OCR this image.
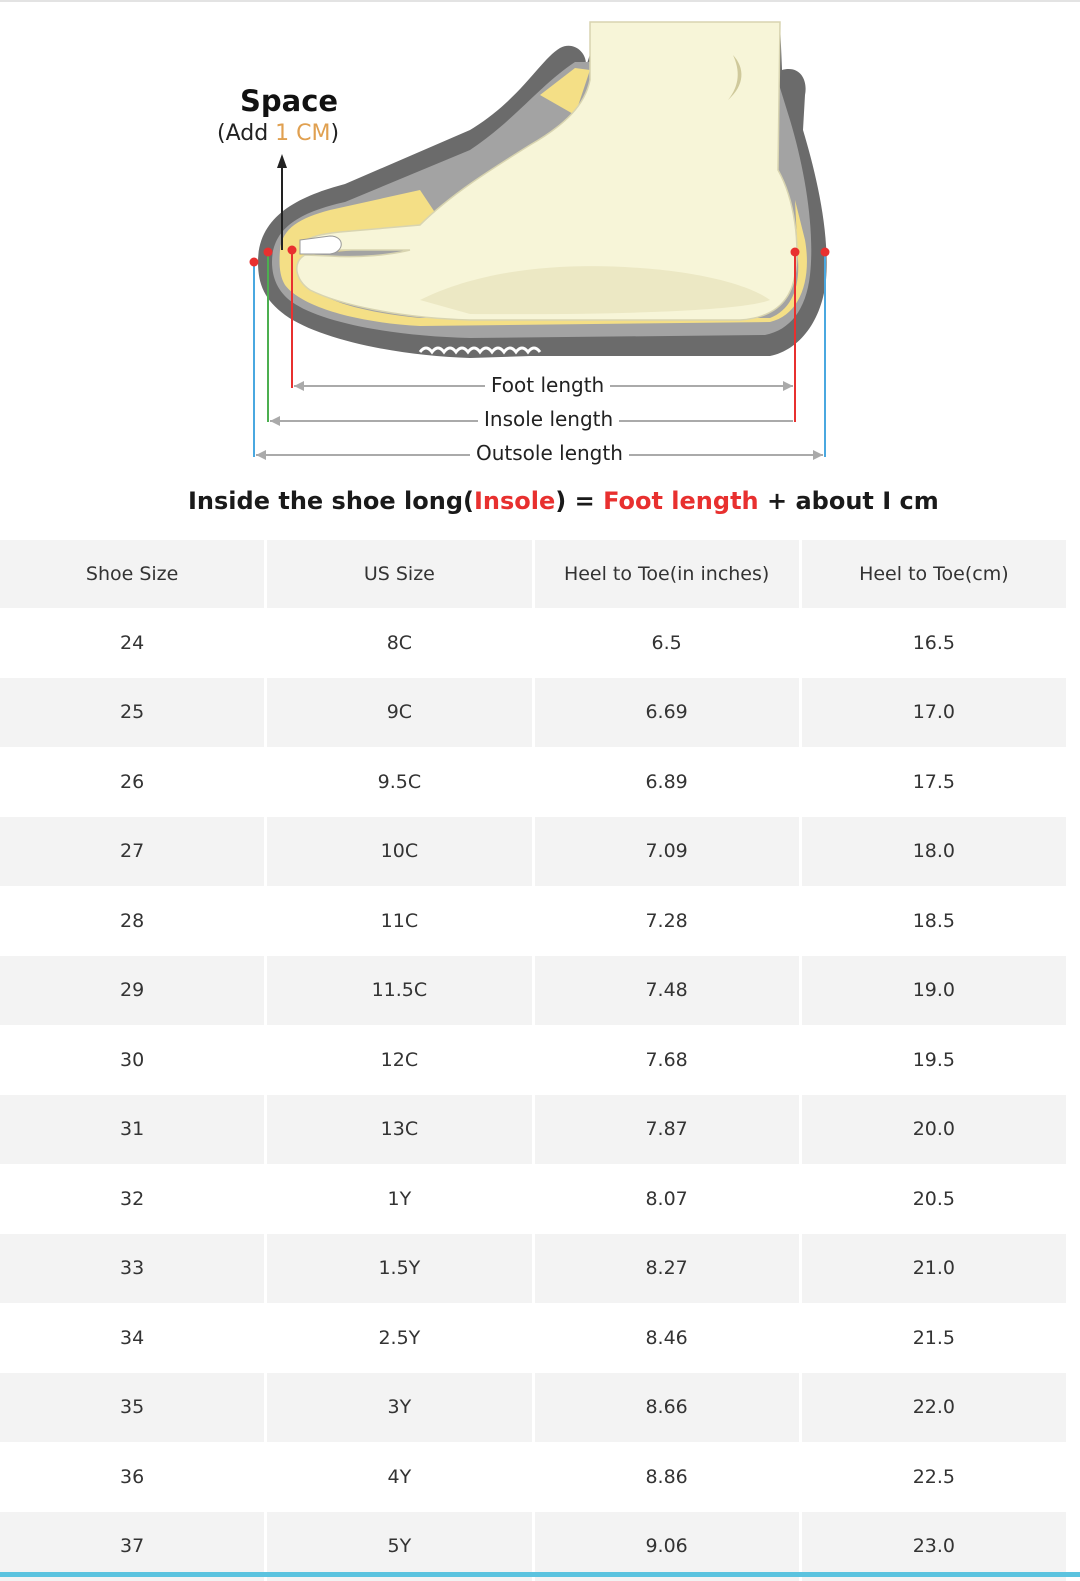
Space
(Add 1 CM)
Foot length
Insole length
Outsole length
Inside the shoe long(Insole) = Foot length + about I cm
Shoe Size	US Size	Heel to Toe(in inches)	Heel to Toe(cm)
24	8C	6.5	16.5
25	9C	6.69	17.0
26	9.5C	6.89	17.5
27	10C	7.09	18.0
28	11C	7.28	18.5
29	11.5C	7.48	19.0
30	12C	7.68	19.5
31	13C	7.87	20.0
32	1Y	8.07	20.5
33	1.5Y	8.27	21.0
34	2.5Y	8.46	21.5
35	3Y	8.66	22.0
36	4Y	8.86	22.5
37	5Y	9.06	23.0
